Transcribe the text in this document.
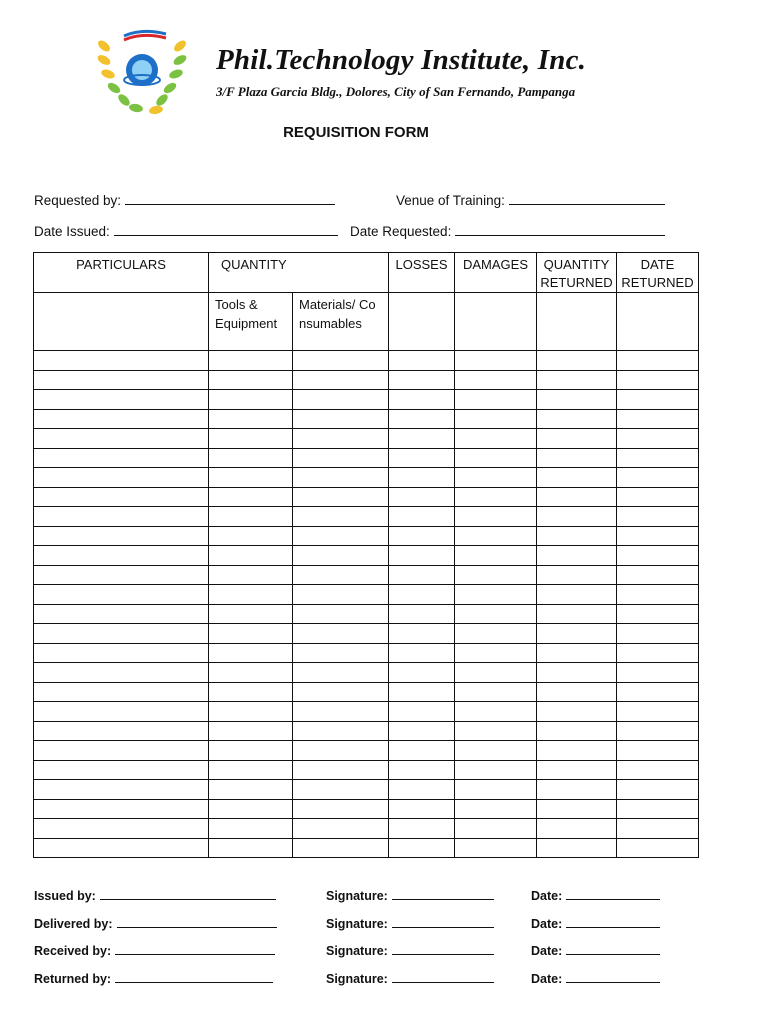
Phil.Technology Institute, Inc.
3/F Plaza Garcia Bldg., Dolores, City of San Fernando, Pampanga
REQUISITION FORM
Requested by:	Venue of Training:
Date Issued:	Date Requested:
PARTICULARS	QUANTITY		LOSSES	DAMAGES	QUANTITY RETURNED	DATE RETURNED
	Tools & Equipment	Materials/ Consumables				

Issued by:	Signature:	Date:
Delivered by:	Signature:	Date:
Received by:	Signature:	Date:
Returned by:	Signature:	Date:
